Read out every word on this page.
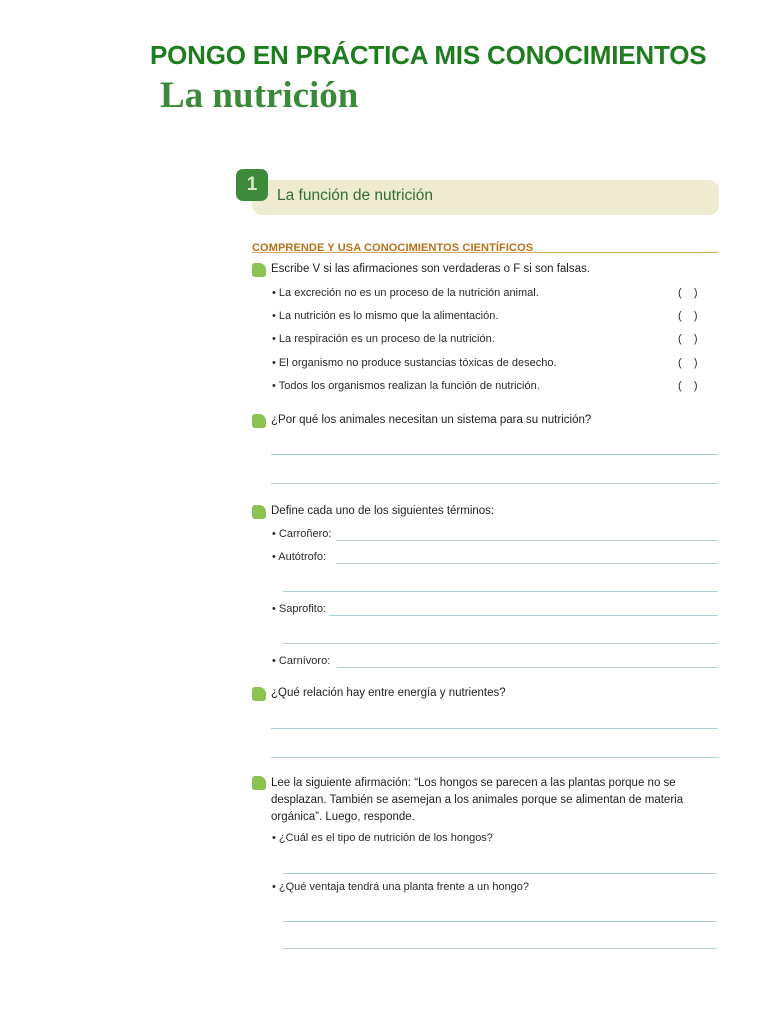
PONGO EN PRÁCTICA MIS CONOCIMIENTOS
La nutrición
1
La función de nutrición
COMPRENDE Y USA CONOCIMIENTOS CIENTÍFICOS
Escribe V si las afirmaciones son verdaderas o F si son falsas.
• La excreción no es un proceso de la nutrición animal.	(    )
• La nutrición es lo mismo que la alimentación.	(    )
• La respiración es un proceso de la nutrición.	(    )
• El organismo no produce sustancias tóxicas de desecho.	(    )
• Todos los organismos realizan la función de nutrición.	(    )
¿Por qué los animales necesitan un sistema para su nutrición?
Define cada uno de los siguientes términos:
• Carroñero:
• Autótrofo:
• Saprofito:
• Carnívoro:
¿Qué relación hay entre energía y nutrientes?
Lee la siguiente afirmación: “Los hongos se parecen a las plantas porque no se desplazan. También se asemejan a los animales porque se alimentan de materia orgánica”. Luego, responde.
• ¿Cuál es el tipo de nutrición de los hongos?
• ¿Qué ventaja tendrá una planta frente a un hongo?
